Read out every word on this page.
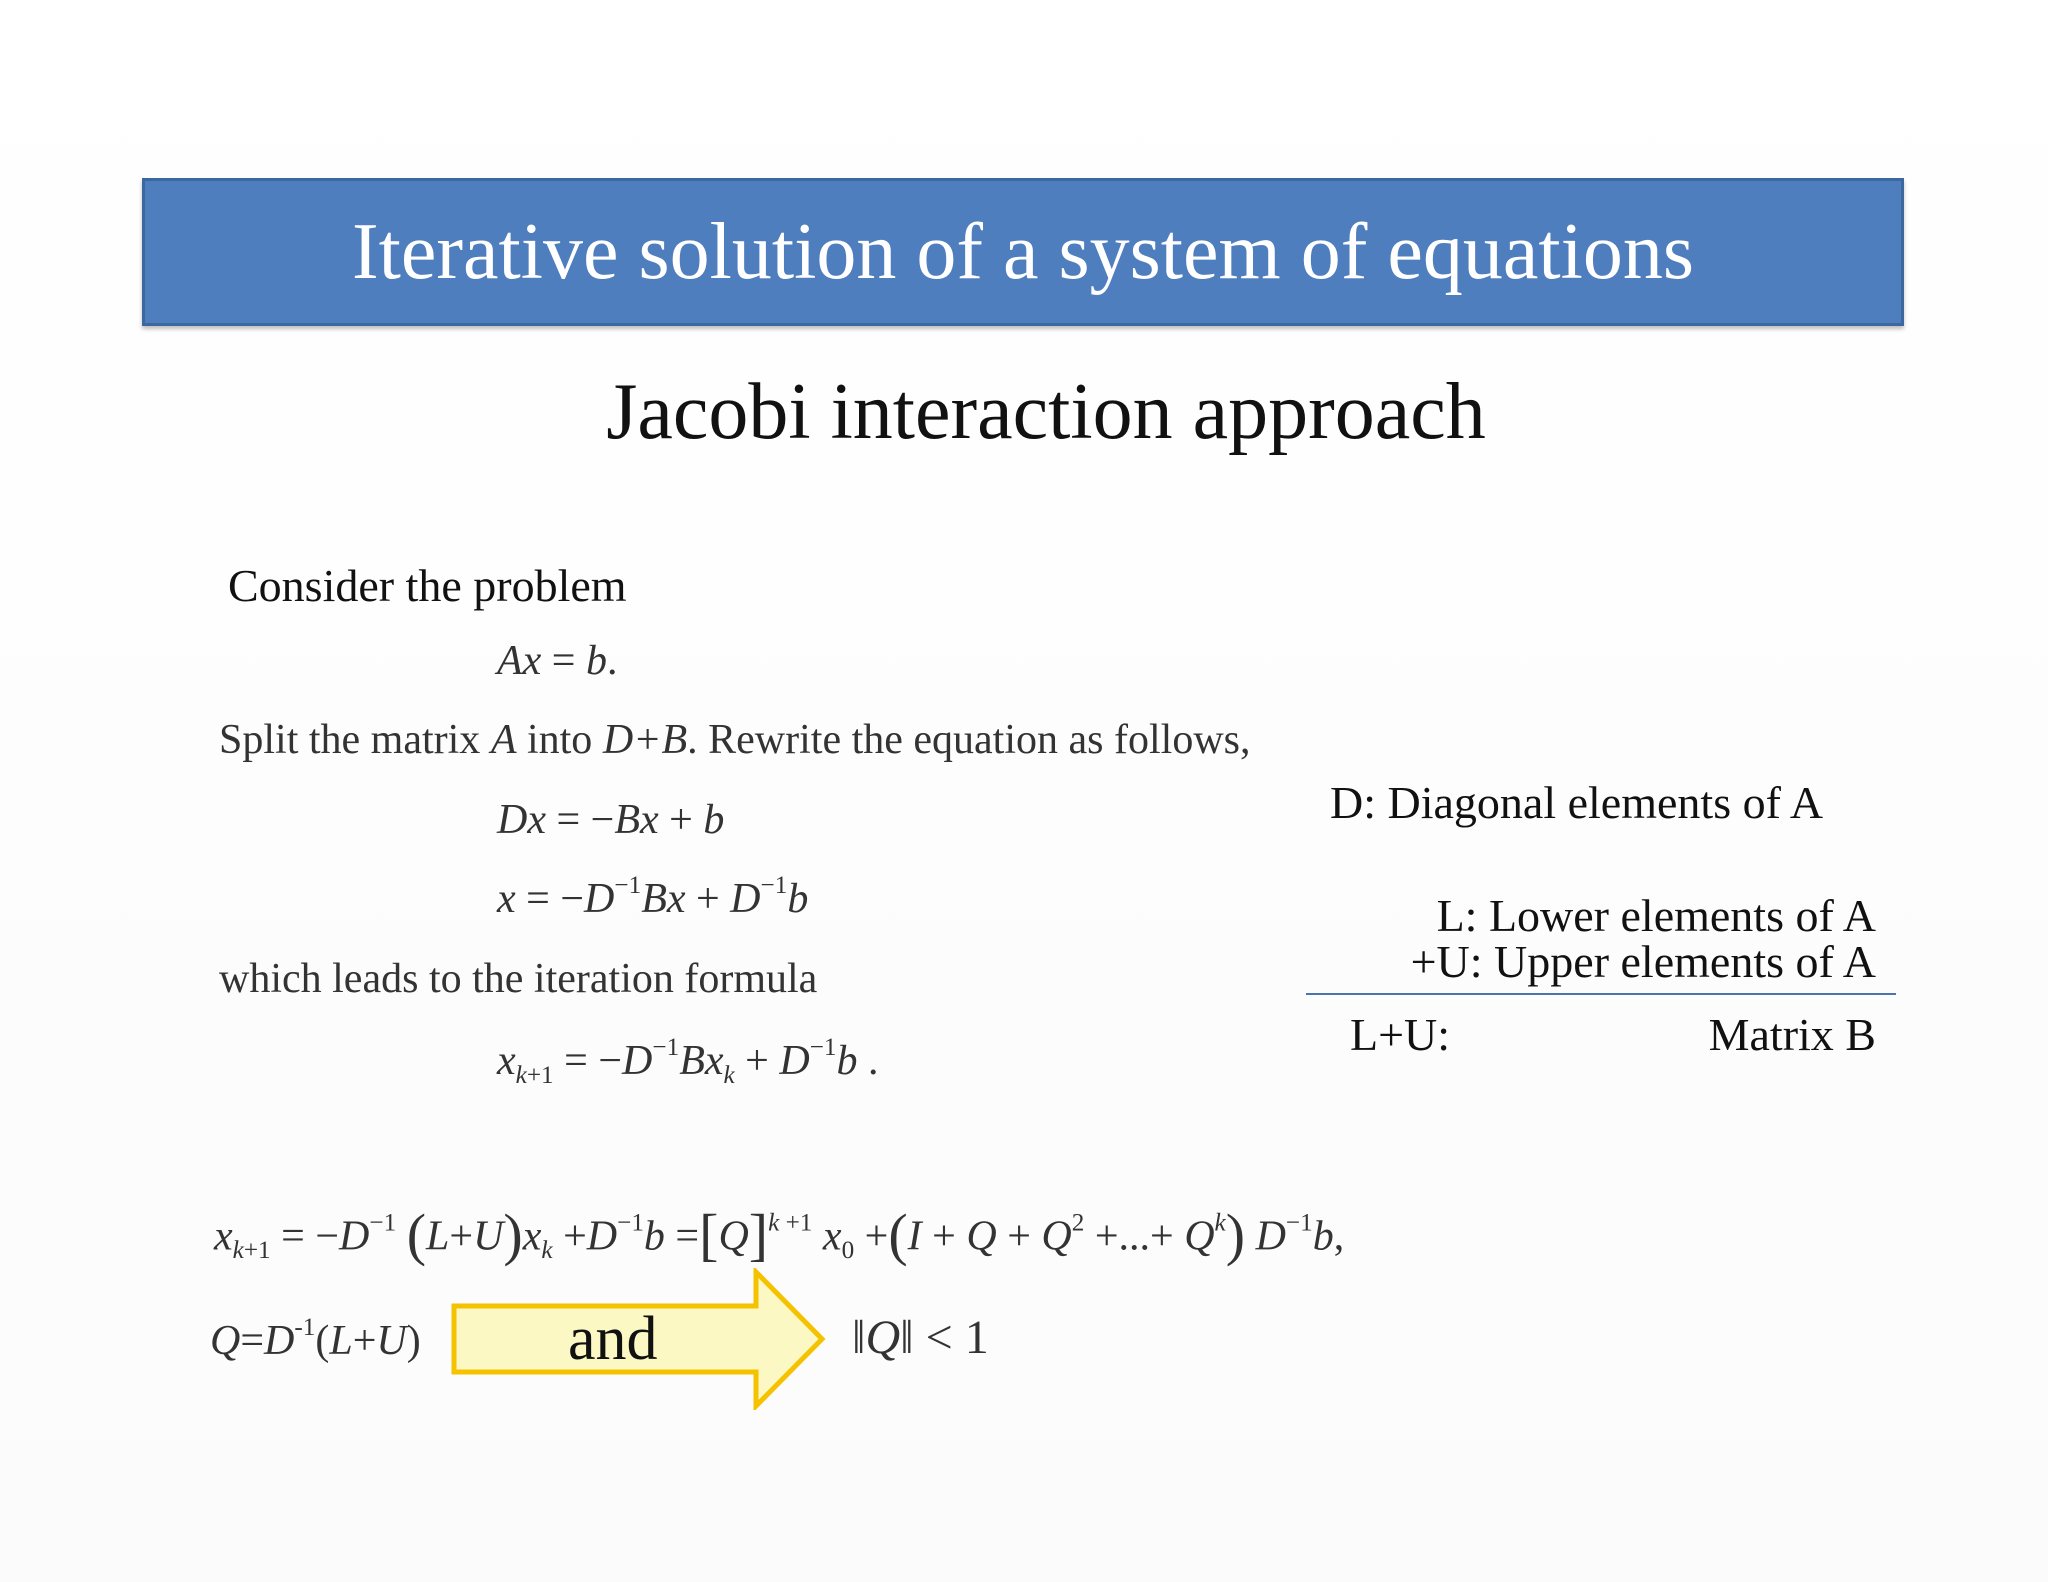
Iterative solution of a system of equations
Jacobi interaction approach
Consider the problem
Ax = b.
Split the matrix A into D+B. Rewrite the equation as follows,
Dx = −Bx + b
$x = -D^{-1}Bx + D^{-1}b$
which leads to the iteration formula
$x_{k+1} = -D^{-1}Bx_k + D^{-1}b$ .
D: Diagonal elements of A
L: Lower elements of A
+U: Upper elements of A
L+U:	Matrix B
$x_{k+1} = -D^{-1}$ $(L+U)x_k +D^{-1}b =[Q]^{k +1}$ $x_0 +(I + Q + Q^2$ +...+ $Q^k$) $D^{-1}b$,
$Q=D^{-1}(L+U)$ and	‖Q‖ < 1
